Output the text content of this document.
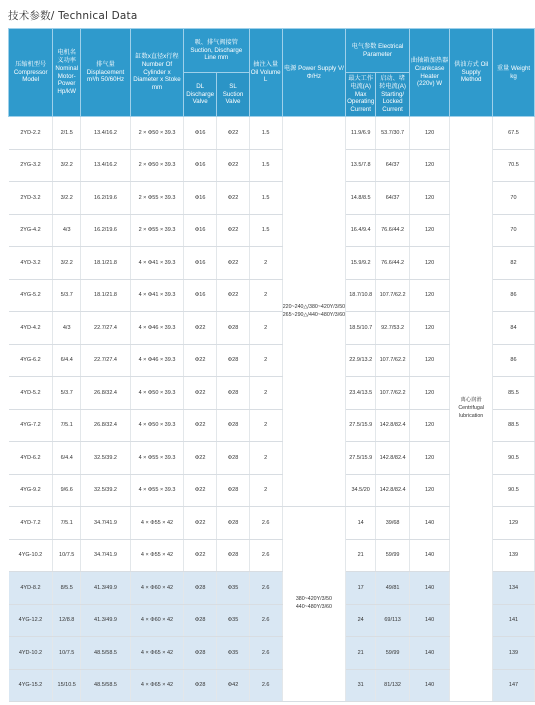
技术参数/ Technical Data
压缩机型号 Compressor Model	电机名义功率 Nominal Motor-Power Hp/kW	排气量 Displacement m³/h 50/60Hz	缸数x直径x行程 Number Of Cylinder x Diameter x Stoke mm	吸、排气阀接管 Suction, Discharge Line mm		抽注入量 Oil Volume L	电源 Power Supply V/Φ/Hz	电气参数 Electrical Parameter		曲轴箱加热器 Crankcase Heater (220v) W	供油方式 Oil Supply Method	重量 Weight kg
				DL Discharge Valve	SL Suction Valve			最大工作电流(A) Max Operating Current	启动、堵转电流(A) Starting/ Locked Current			
2YD-2.2	2/1.5	13.4/16.2	2 × Φ50 × 39.3	Φ16	Φ22	1.5	220~240△/380~420Y/3/50 265~290△/440~480Y/3/60	11.9/6.9	53.7/30.7	120	离心润滑 Centrifugal lubrication	67.5
2YG-3.2	3/2.2	13.4/16.2	2 × Φ50 × 39.3	Φ16	Φ22	1.5		13.5/7.8	64/37	120		70.5
2YD-3.2	3/2.2	16.2/19.6	2 × Φ55 × 39.3	Φ16	Φ22	1.5		14.8/8.5	64/37	120		70
2YG-4.2	4/3	16.2/19.6	2 × Φ55 × 39.3	Φ16	Φ22	1.5		16.4/9.4	76.6/44.2	120		70
4YD-3.2	3/2.2	18.1/21.8	4 × Φ41 × 39.3	Φ16	Φ22	2		15.9/9.2	76.6/44.2	120		82
4YG-5.2	5/3.7	18.1/21.8	4 × Φ41 × 39.3	Φ16	Φ22	2		18.7/10.8	107.7/62.2	120		86
4YD-4.2	4/3	22.7/27.4	4 × Φ46 × 39.3	Φ22	Φ28	2		18.5/10.7	92.7/53.2	120		84
4YG-6.2	6/4.4	22.7/27.4	4 × Φ46 × 39.3	Φ22	Φ28	2		22.9/13.2	107.7/62.2	120		86
4YD-5.2	5/3.7	26.8/32.4	4 × Φ50 × 39.3	Φ22	Φ28	2		23.4/13.5	107.7/62.2	120		85.5
4YG-7.2	7/5.1	26.8/32.4	4 × Φ50 × 39.3	Φ22	Φ28	2		27.5/15.9	142.8/82.4	120		88.5
4YD-6.2	6/4.4	32.5/39.2	4 × Φ55 × 39.3	Φ22	Φ28	2		27.5/15.9	142.8/82.4	120		90.5
4YG-9.2	9/6.6	32.5/39.2	4 × Φ55 × 39.3	Φ22	Φ28	2		34.5/20	142.8/82.4	120		90.5
4YD-7.2	7/5.1	34.7/41.9	4 × Φ55 × 42	Φ22	Φ28	2.6	380~420Y/3/50 440~480Y/3/60	14	39/68	140		129
4YG-10.2	10/7.5	34.7/41.9	4 × Φ55 × 42	Φ22	Φ28	2.6		21	59/99	140		139
4YD-8.2	8/5.5	41.3/49.9	4 × Φ60 × 42	Φ28	Φ35	2.6		17	49/81	140		134
4YG-12.2	12/8.8	41.3/49.9	4 × Φ60 × 42	Φ28	Φ35	2.6		24	69/113	140		141
4YD-10.2	10/7.5	48.5/58.5	4 × Φ65 × 42	Φ28	Φ35	2.6		21	59/99	140		139
4YG-15.2	15/10.5	48.5/58.5	4 × Φ65 × 42	Φ28	Φ42	2.6		31	81/132	140		147
